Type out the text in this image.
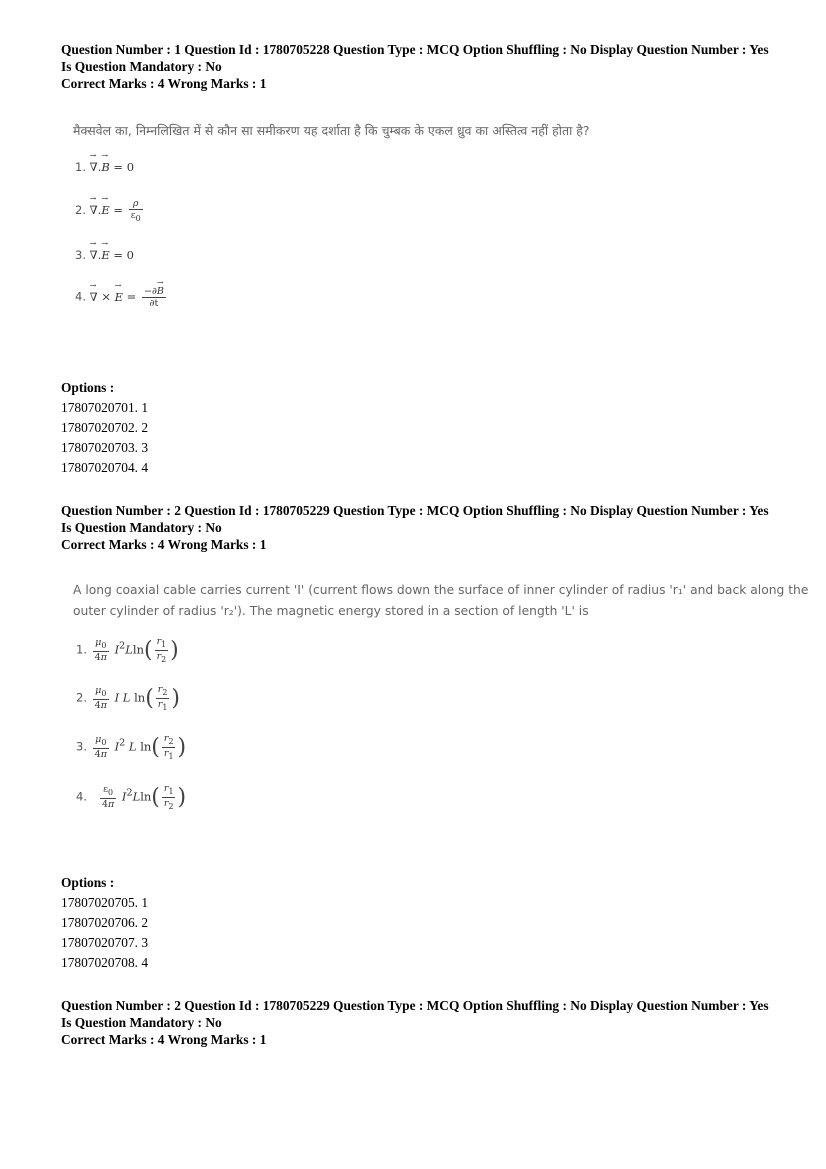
Question Number : 1 Question Id : 1780705228 Question Type : MCQ Option Shuffling : No Display Question Number : Yes
Is Question Mandatory : No
Correct Marks : 4 Wrong Marks : 1
मैक्सवेल का, निम्नलिखित में से कौन सा समीकरण यह दर्शाता है कि चुम्बक के एकल ध्रुव का अस्तित्व नहीं होता है?
1. → ∇.→ B = 0
2. → ∇.→ $E = \frac{\rho}{\varepsilon_0}$
3. → ∇.→ E = 0
4. → ∇ × → $E = \frac{-\partial\to B}{\partial t}$
Options :
17807020701. 1
17807020702. 2
17807020703. 3
17807020704. 4
Question Number : 2 Question Id : 1780705229 Question Type : MCQ Option Shuffling : No Display Question Number : Yes
Is Question Mandatory : No
Correct Marks : 4 Wrong Marks : 1
A long coaxial cable carries current 'I' (current flows down the surface of inner cylinder of radius 'r₁' and back along the
outer cylinder of radius 'r₂'). The magnetic energy stored in a section of length 'L' is
1. $\frac{\mu_0}{4\pi} I^2Lln( \frac{r_1}{r_2}$ )
2. $\frac{\mu_0}{4\pi}$ I L $\ln( \frac{r_2}{r_1}$ )
3. $\frac{\mu_0}{4\pi} I^2$ L $\ln( \frac{r_2}{r_1}$ )
4. $\frac{\varepsilon_0}{4\pi} I^2Lln( \frac{r_1}{r_2}$ )
Options :
17807020705. 1
17807020706. 2
17807020707. 3
17807020708. 4
Question Number : 2 Question Id : 1780705229 Question Type : MCQ Option Shuffling : No Display Question Number : Yes
Is Question Mandatory : No
Correct Marks : 4 Wrong Marks : 1
